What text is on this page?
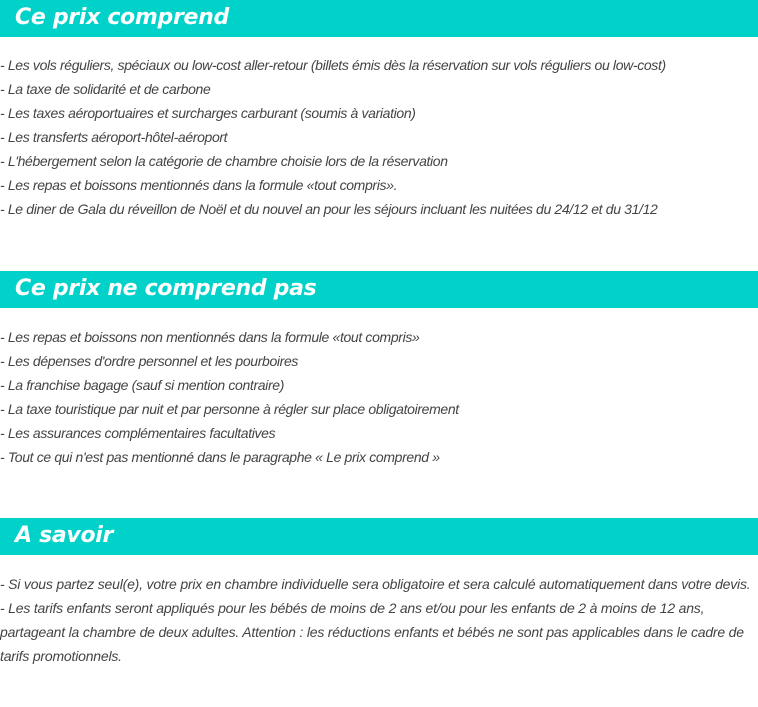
Ce prix comprend
- Les vols réguliers, spéciaux ou low-cost aller-retour (billets émis dès la réservation sur vols réguliers ou low-cost)
- La taxe de solidarité et de carbone
- Les taxes aéroportuaires et surcharges carburant (soumis à variation)
- Les transferts aéroport-hôtel-aéroport
- L'hébergement selon la catégorie de chambre choisie lors de la réservation
- Les repas et boissons mentionnés dans la formule «tout compris».
- Le diner de Gala du réveillon de Noël et du nouvel an pour les séjours incluant les nuitées du 24/12 et du 31/12
Ce prix ne comprend pas
- Les repas et boissons non mentionnés dans la formule «tout compris»
- Les dépenses d'ordre personnel et les pourboires
- La franchise bagage (sauf si mention contraire)
- La taxe touristique par nuit et par personne à régler sur place obligatoirement
- Les assurances complémentaires facultatives
- Tout ce qui n'est pas mentionné dans le paragraphe « Le prix comprend »
A savoir

- Si vous partez seul(e), votre prix en chambre individuelle sera obligatoire et sera calculé automatiquement dans votre devis.

- Les tarifs enfants seront appliqués pour les bébés de moins de 2 ans et/ou pour les enfants de 2 à moins de 12 ans, partageant la chambre de deux adultes. Attention : les réductions enfants et bébés ne sont pas applicables dans le cadre de tarifs promotionnels.
